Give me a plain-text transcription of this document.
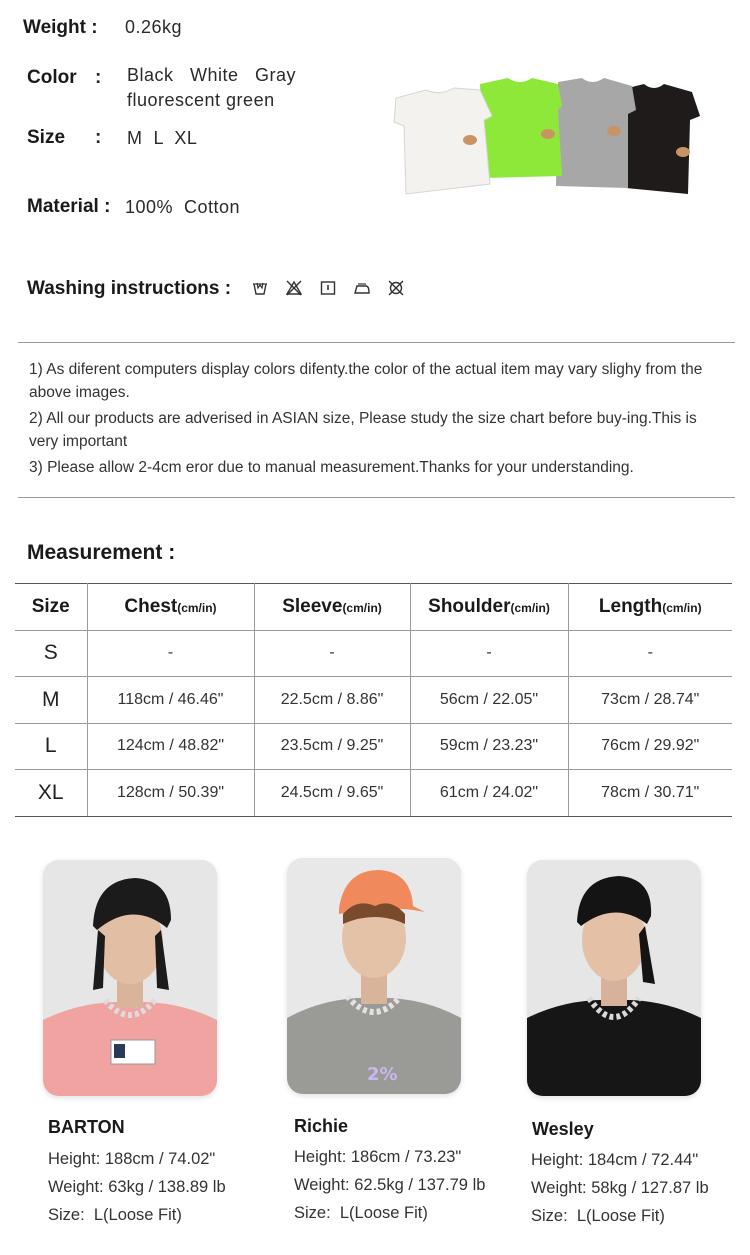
Weight : 0.26kg
Color : Black   White   Gray
fluorescent green
Size : M  L  XL
Material : 100%  Cotton
Washing instructions :

1) As diferent computers display colors difenty.the color of the actual item may vary slighy from the above images.

2) All our products are adverised in ASIAN size, Please study the size chart before buy-ing.This is very important

3) Please allow 2-4cm eror due to manual measurement.Thanks for your understanding.

Measurement :
Size	Chest(cm/in)	Sleeve(cm/in)	Shoulder(cm/in)	Length(cm/in)
S	-	-	-	-
M	118cm / 46.46"	22.5cm / 8.86"	56cm / 22.05"	73cm / 28.74"
L	124cm / 48.82"	23.5cm / 9.25"	59cm / 23.23"	76cm / 29.92"
XL	128cm / 50.39"	24.5cm / 9.65"	61cm / 24.02"	78cm / 30.71"
BARTON
Height: 188cm / 74.02"
Weight: 63kg / 138.89 lb
Size:  L(Loose Fit)
2%
Richie
Height: 186cm / 73.23"
Weight: 62.5kg / 137.79 lb
Size:  L(Loose Fit)
Wesley
Height: 184cm / 72.44"
Weight: 58kg / 127.87 lb
Size:  L(Loose Fit)
